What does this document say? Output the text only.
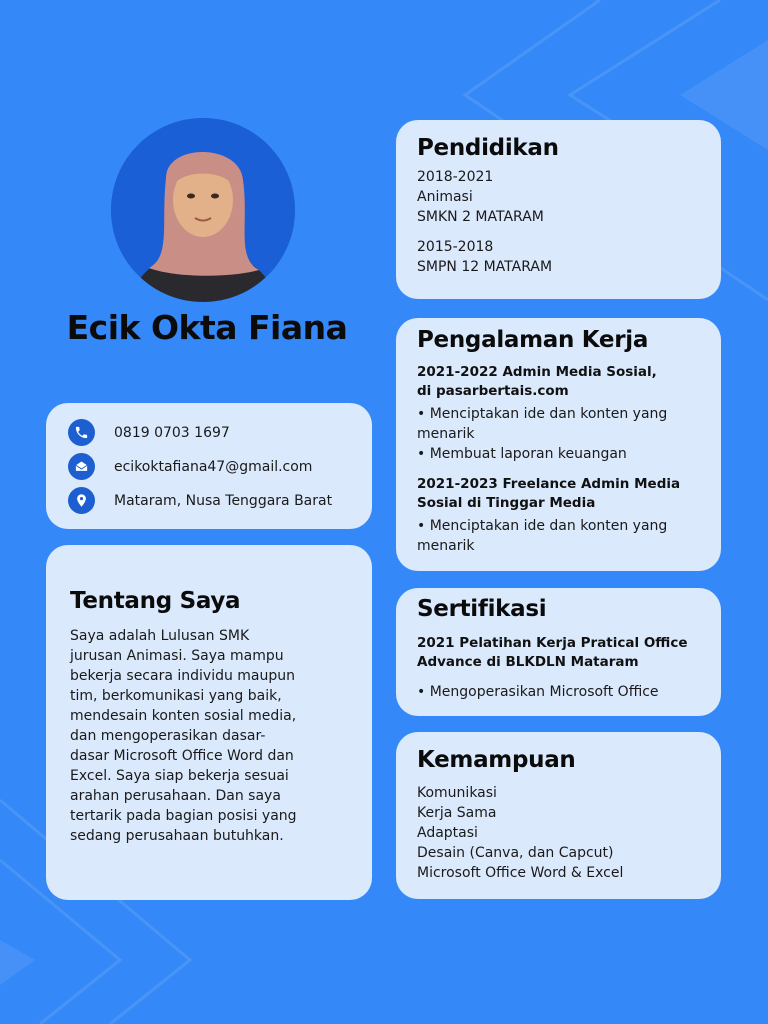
Ecik Okta Fiana
0819 0703 1697
ecikoktafiana47@gmail.com
Mataram, Nusa Tenggara Barat
Tentang Saya
Saya adalah Lulusan SMK
jurusan Animasi. Saya mampu
bekerja secara individu maupun
tim, berkomunikasi yang baik,
mendesain konten sosial media,
dan mengoperasikan dasar-
dasar Microsoft Office Word dan
Excel. Saya siap bekerja sesuai
arahan perusahaan. Dan saya
tertarik pada bagian posisi yang
sedang perusahaan butuhkan.
Pendidikan
2018-2021
Animasi
SMKN 2 MATARAM
2015-2018
SMPN 12 MATARAM
Pengalaman Kerja
2021-2022 Admin Media Sosial,
di pasarbertais.com
• Menciptakan ide dan konten yang
menarik
• Membuat laporan keuangan
2021-2023 Freelance Admin Media
Sosial di Tinggar Media
• Menciptakan ide dan konten yang
menarik
Sertifikasi
2021 Pelatihan Kerja Pratical Office
Advance di BLKDLN Mataram
• Mengoperasikan Microsoft Office
Kemampuan
Komunikasi
Kerja Sama
Adaptasi
Desain (Canva, dan Capcut)
Microsoft Office Word & Excel
